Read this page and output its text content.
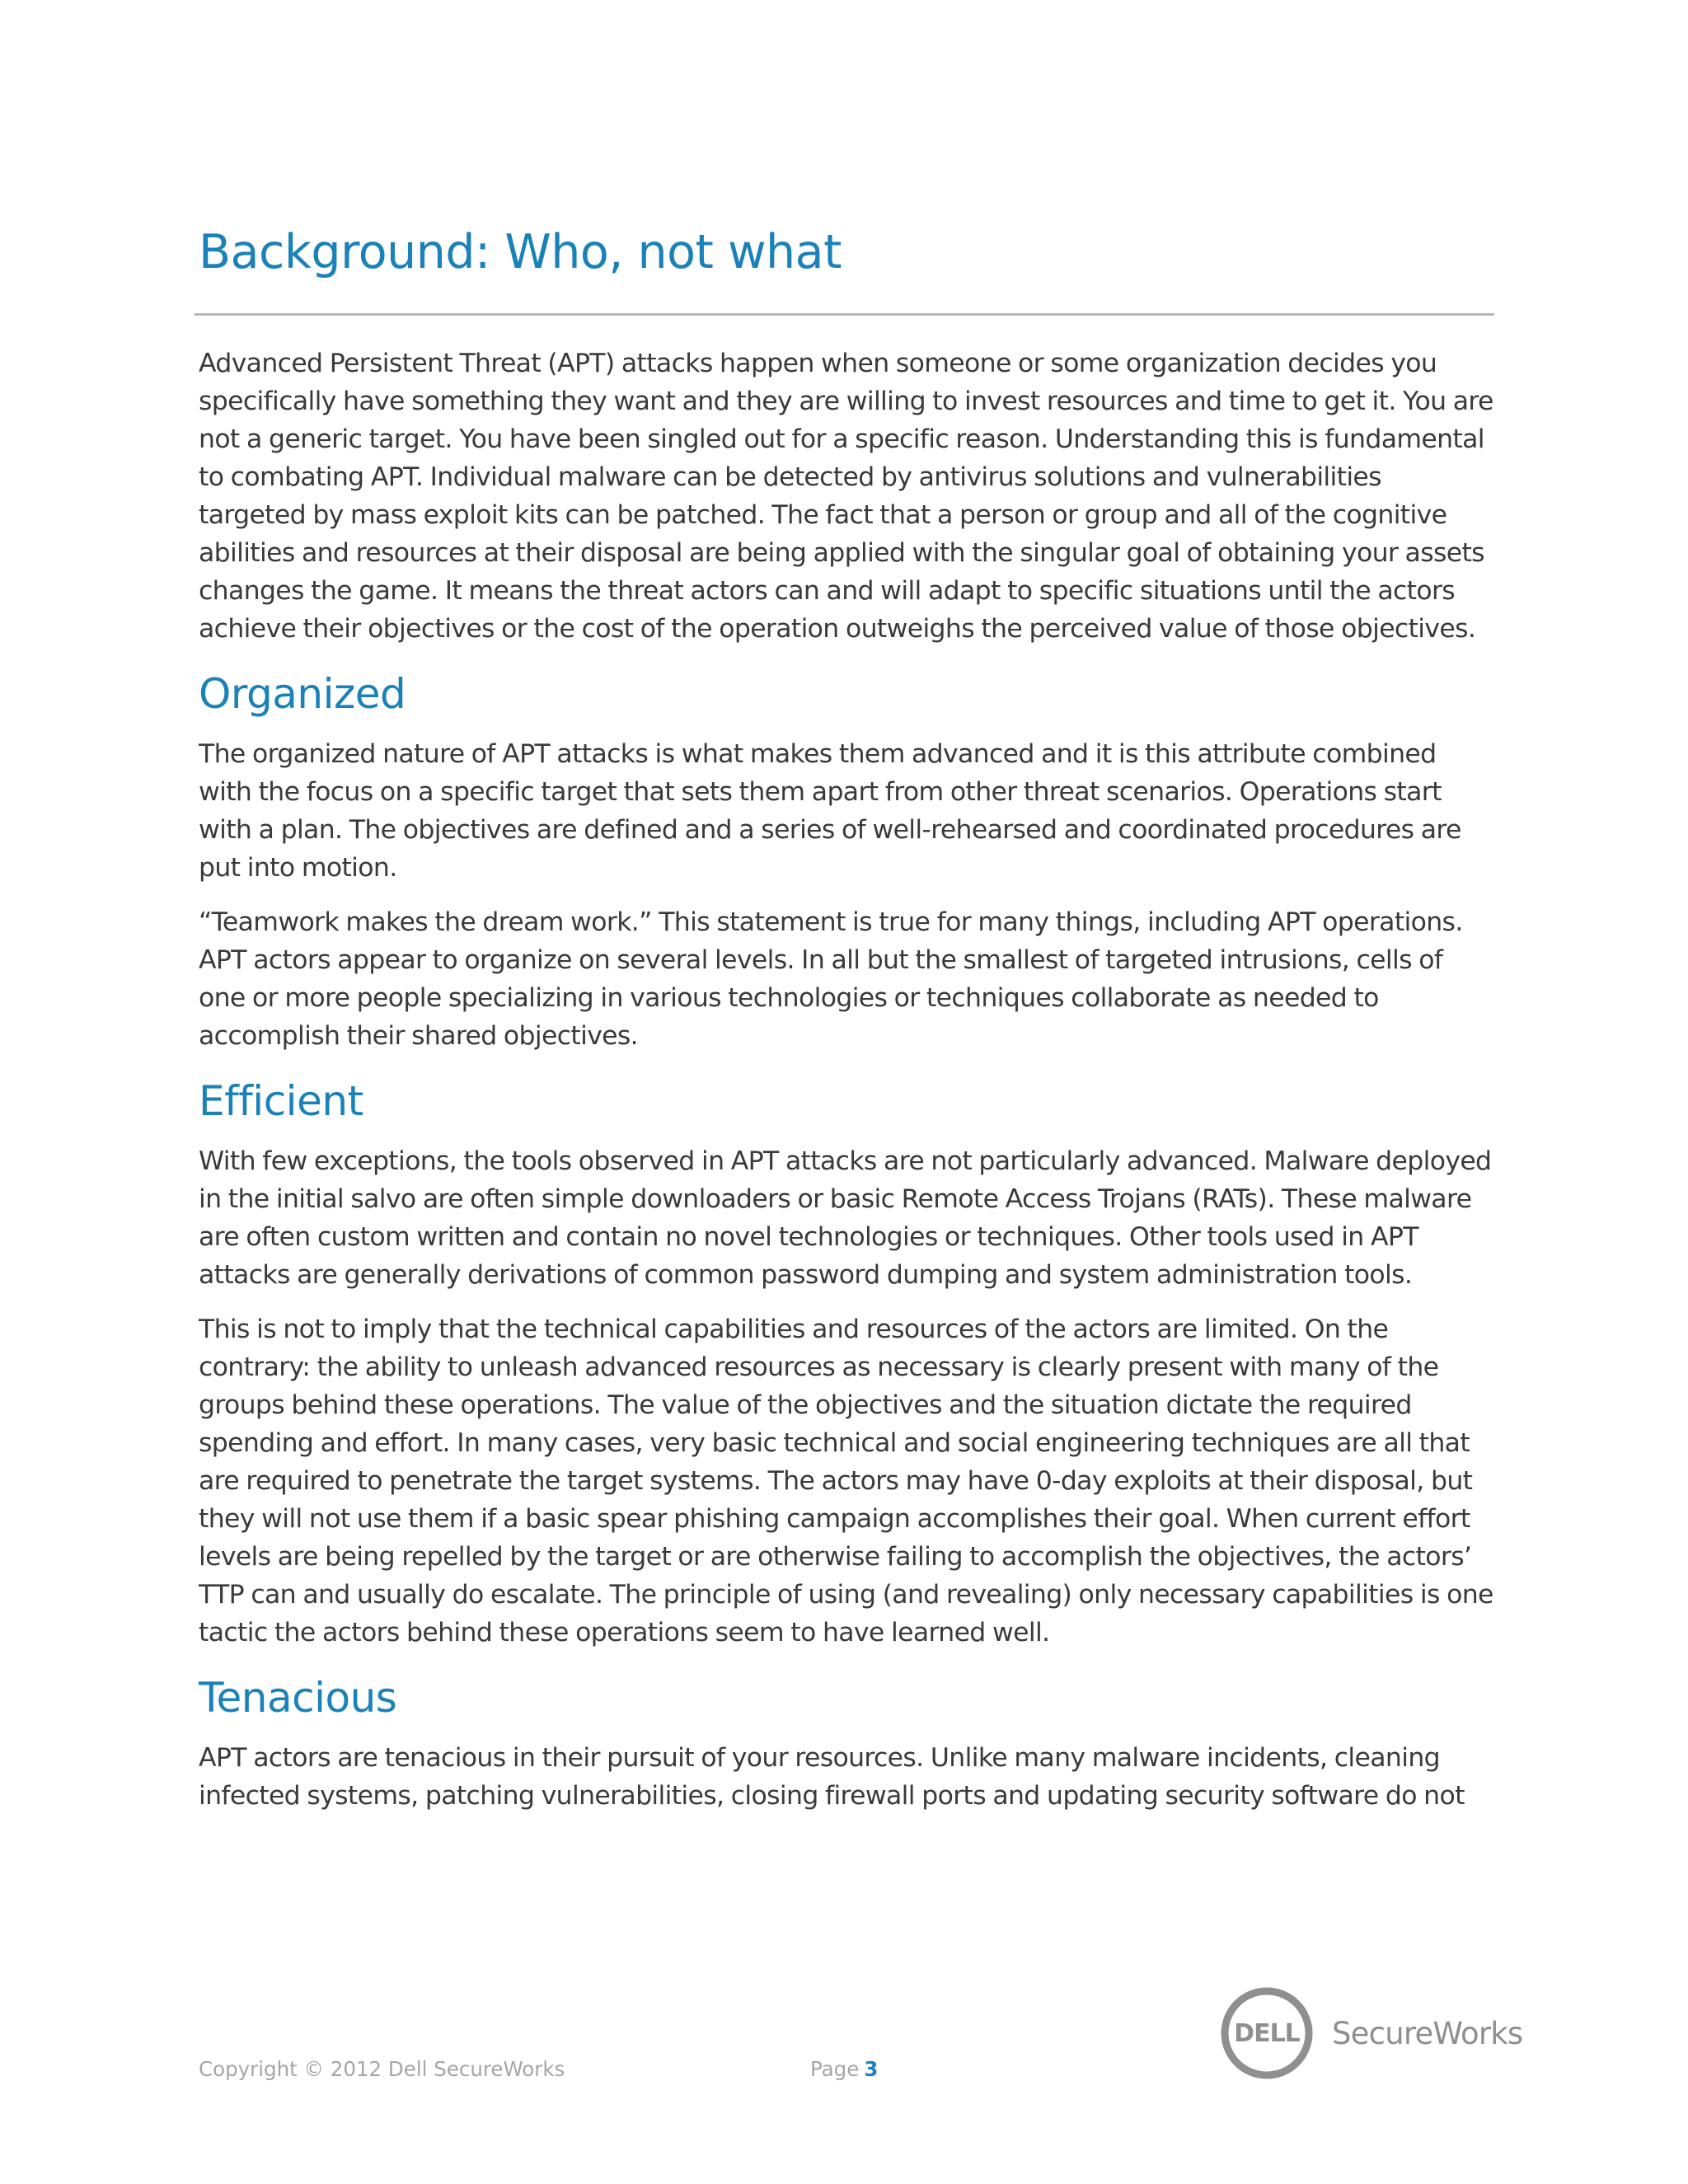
Background: Who, not what

Advanced Persistent Threat (APT) attacks happen when someone or some organization decides you specifically have something they want and they are willing to invest resources and time to get it. You are not a generic target. You have been singled out for a specific reason. Understanding this is fundamental to combating APT. Individual malware can be detected by antivirus solutions and vulnerabilities targeted by mass exploit kits can be patched. The fact that a person or group and all of the cognitive abilities and resources at their disposal are being applied with the singular goal of obtaining your assets changes the game. It means the threat actors can and will adapt to specific situations until the actors achieve their objectives or the cost of the operation outweighs the perceived value of those objectives.

Organized

The organized nature of APT attacks is what makes them advanced and it is this attribute combined with the focus on a specific target that sets them apart from other threat scenarios. Operations start with a plan. The objectives are defined and a series of well-rehearsed and coordinated procedures are put into motion.

“Teamwork makes the dream work.” This statement is true for many things, including APT operations. APT actors appear to organize on several levels. In all but the smallest of targeted intrusions, cells of one or more people specializing in various technologies or techniques collaborate as needed to accomplish their shared objectives.

Efficient

With few exceptions, the tools observed in APT attacks are not particularly advanced. Malware deployed in the initial salvo are often simple downloaders or basic Remote Access Trojans (RATs). These malware are often custom written and contain no novel technologies or techniques. Other tools used in APT attacks are generally derivations of common password dumping and system administration tools.

This is not to imply that the technical capabilities and resources of the actors are limited. On the contrary: the ability to unleash advanced resources as necessary is clearly present with many of the groups behind these operations. The value of the objectives and the situation dictate the required spending and effort. In many cases, very basic technical and social engineering techniques are all that are required to penetrate the target systems. The actors may have 0-day exploits at their disposal, but they will not use them if a basic spear phishing campaign accomplishes their goal. When current effort levels are being repelled by the target or are otherwise failing to accomplish the objectives, the actors’ TTP can and usually do escalate. The principle of using (and revealing) only necessary capabilities is one tactic the actors behind these operations seem to have learned well.

Tenacious

APT actors are tenacious in their pursuit of your resources. Unlike many malware incidents, cleaning infected systems, patching vulnerabilities, closing firewall ports and updating security software do not

DELL SecureWorks
Copyright © 2012 Dell SecureWorks	Page 3
